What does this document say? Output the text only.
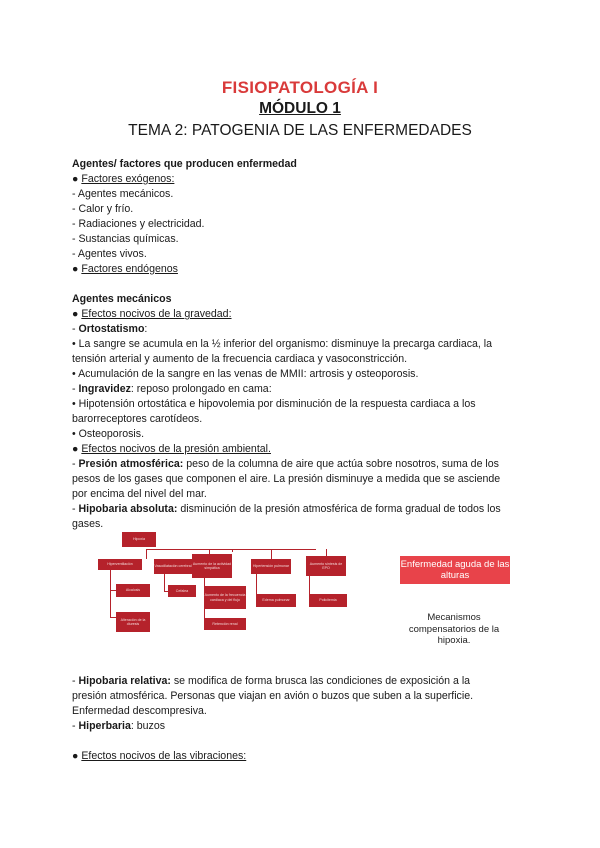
FISIOPATOLOGÍA I
MÓDULO 1
TEMA 2: PATOGENIA DE LAS ENFERMEDADES
Agentes/ factores que producen enfermedad
● Factores exógenos:
- Agentes mecánicos.
- Calor y frío.
- Radiaciones y electricidad.
- Sustancias químicas.
- Agentes vivos.
● Factores endógenos
Agentes mecánicos
● Efectos nocivos de la gravedad:
- Ortostatismo:
• La sangre se acumula en la ½ inferior del organismo: disminuye la precarga cardiaca, la
tensión arterial y aumento de la frecuencia cardiaca y vasoconstricción.
• Acumulación de la sangre en las venas de MMII: artrosis y osteoporosis.
- Ingravidez: reposo prolongado en cama:
• Hipotensión ortostática e hipovolemia por disminución de la respuesta cardiaca a los
barorreceptores carotídeos.
• Osteoporosis.
● Efectos nocivos de la presión ambiental.
- Presión atmosférica: peso de la columna de aire que actúa sobre nosotros, suma de los
pesos de los gases que componen el aire. La presión disminuye a medida que se asciende
por encima del nivel del mar.
- Hipobaria absoluta: disminución de la presión atmosférica de forma gradual de todos los
gases.
Hipoxia
Hiperventilación	Vasodilatación cerebral
Aumento de la actividad simpática	Hipertensión pulmonar
Aumento síntesis de EPO
Alcalosis	Cefalea
Aumento de la frecuencia cardiaca y del flujo	Edema pulmonar	Policitemia
Alteración de la diuresis	Retención renal
Enfermedad aguda de las alturas
Mecanismos compensatorios de la hipoxia.
- Hipobaria relativa: se modifica de forma brusca las condiciones de exposición a la
presión atmosférica. Personas que viajan en avión o buzos que suben a la superficie.
Enfermedad descompresiva.
- Hiperbaria: buzos
● Efectos nocivos de las vibraciones:
